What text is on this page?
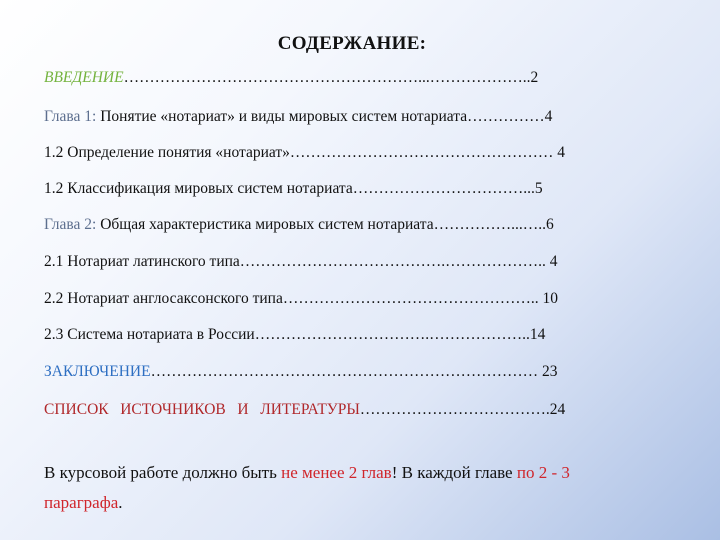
СОДЕРЖАНИЕ:
ВВЕДЕНИЕ…………………………………………………...………………..2
Глава 1: Понятие «нотариат» и виды мировых систем нотариата……………4
1.2 Определение понятия «нотариат»…………………………………………… 4
1.2 Классификация мировых систем нотариата……………………………...5
Глава 2: Общая характеристика мировых систем нотариата……………...…..6
2.1 Нотариат латинского типа………………………………….……………….. 4
2.2 Нотариат англосаксонского типа………………………………………….. 10
2.3 Система нотариата в России…………………………….………………..14
ЗАКЛЮЧЕНИЕ………………………………………………………………… 23
СПИСОК   ИСТОЧНИКОВ   И   ЛИТЕРАТУРЫ……………………………….24
В курсовой работе должно быть не менее 2 глав! В каждой главе по 2 - 3
параграфа.
